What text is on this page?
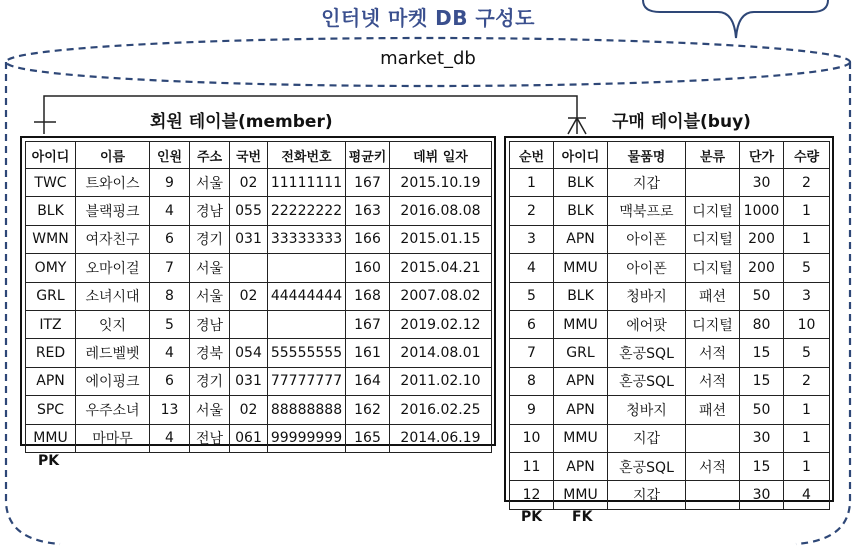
인터넷 마켓 DB 구성도
market_db
회원 테이블(member)
아이디	이름	인원	주소	국번	전화번호	평균키	데뷔 일자
TWC	트와이스	9	서울	02	11111111	167	2015.10.19
BLK	블랙핑크	4	경남	055	22222222	163	2016.08.08
WMN	여자친구	6	경기	031	33333333	166	2015.01.15
OMY	오마이걸	7	서울			160	2015.04.21
GRL	소녀시대	8	서울	02	44444444	168	2007.08.02
ITZ	잇지	5	경남			167	2019.02.12
RED	레드벨벳	4	경북	054	55555555	161	2014.08.01
APN	에이핑크	6	경기	031	77777777	164	2011.02.10
SPC	우주소녀	13	서울	02	88888888	162	2016.02.25
MMU	마마무	4	전남	061	99999999	165	2014.06.19
PK
구매 테이블(buy)
순번	아이디	물품명	분류	단가	수량
1	BLK	지갑		30	2
2	BLK	맥북프로	디지털	1000	1
3	APN	아이폰	디지털	200	1
4	MMU	아이폰	디지털	200	5
5	BLK	청바지	패션	50	3
6	MMU	에어팟	디지털	80	10
7	GRL	혼공SQL	서적	15	5
8	APN	혼공SQL	서적	15	2
9	APN	청바지	패션	50	1
10	MMU	지갑		30	1
11	APN	혼공SQL	서적	15	1
12	MMU	지갑		30	4
PK FK
